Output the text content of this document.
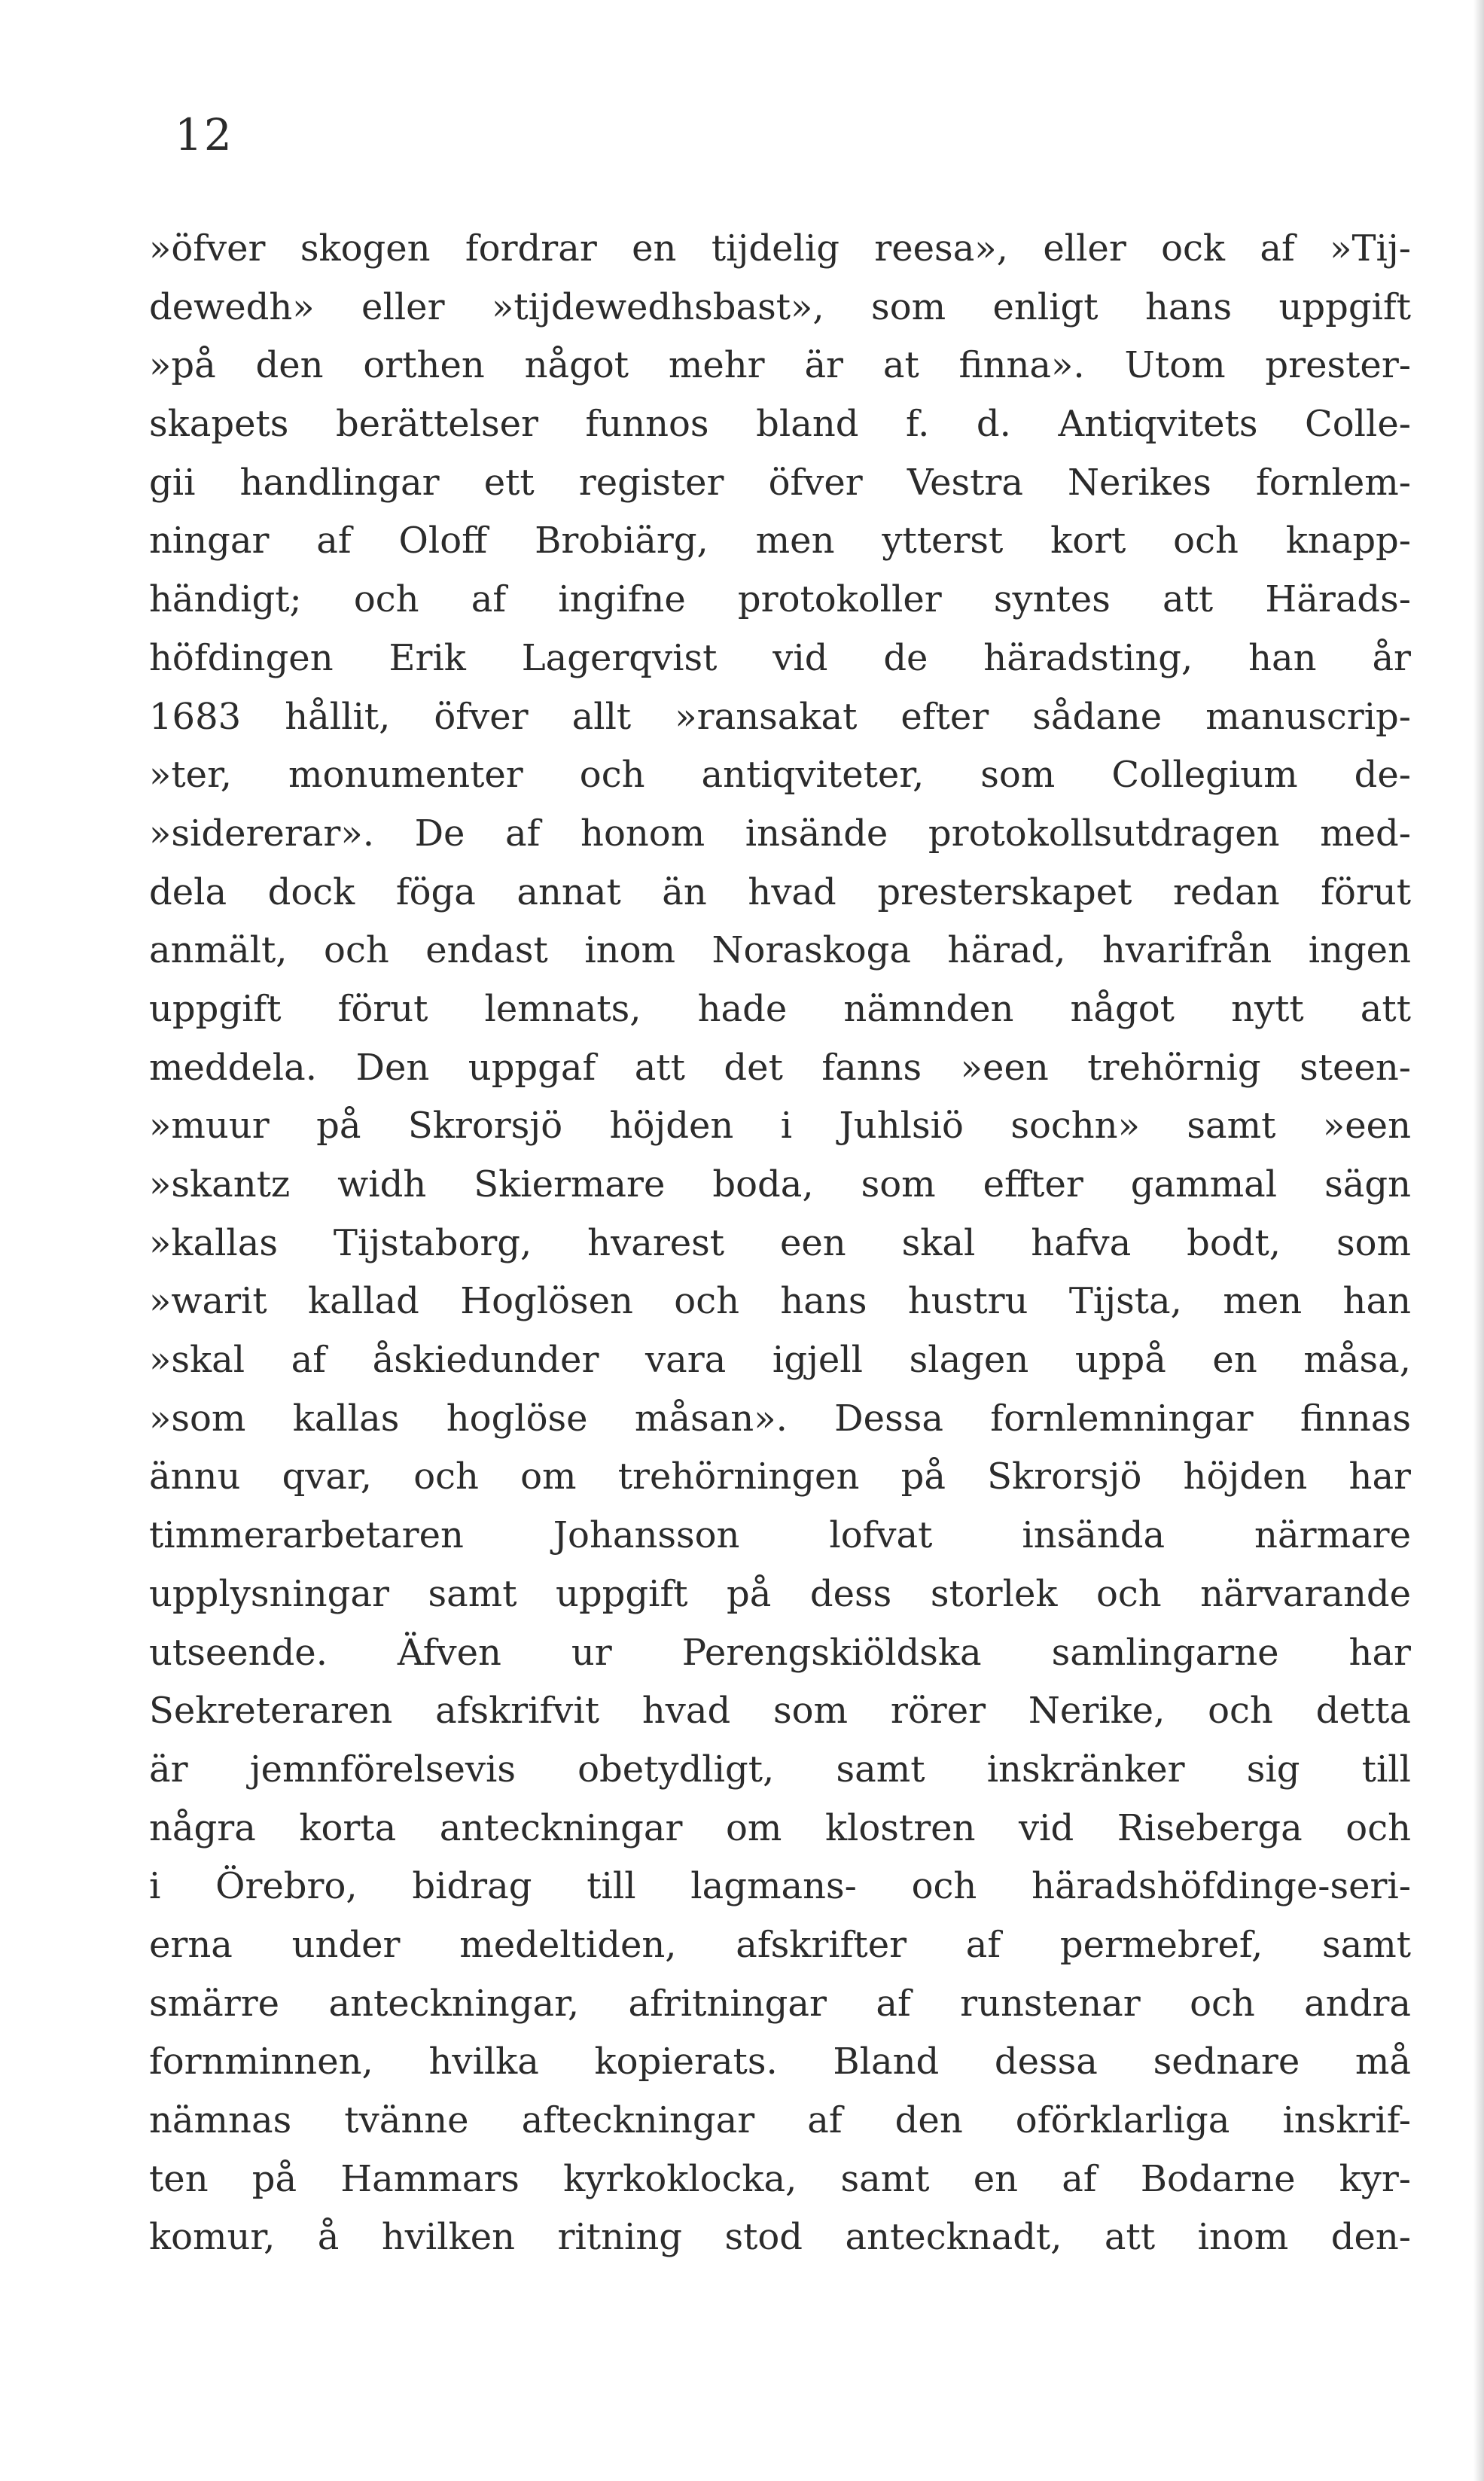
12
»öfver skogen fordrar en tijdelig reesa», eller ock af »Tij-
dewedh» eller »tijdewedhsbast», som enligt hans uppgift
»på den orthen något mehr är at finna». Utom prester-
skapets berättelser funnos bland f. d. Antiqvitets Colle-
gii handlingar ett register öfver Vestra Nerikes fornlem-
ningar af Oloff Brobiärg, men ytterst kort och knapp-
händigt; och af ingifne protokoller syntes att Härads-
höfdingen Erik Lagerqvist vid de häradsting, han år
1683 hållit, öfver allt »ransakat efter sådane manuscrip-
»ter, monumenter och antiqviteter, som Collegium de-
»sidererar». De af honom insände protokollsutdragen med-
dela dock föga annat än hvad presterskapet redan förut
anmält, och endast inom Noraskoga härad, hvarifrån ingen
uppgift förut lemnats, hade nämnden något nytt att
meddela. Den uppgaf att det fanns »een trehörnig steen-
»muur på Skrorsjö höjden i Juhlsiö sochn» samt »een
»skantz widh Skiermare boda, som effter gammal sägn
»kallas Tijstaborg, hvarest een skal hafva bodt, som
»warit kallad Hoglösen och hans hustru Tijsta, men han
»skal af åskiedunder vara igjell slagen uppå en måsa,
»som kallas hoglöse måsan». Dessa fornlemningar finnas
ännu qvar, och om trehörningen på Skrorsjö höjden har
timmerarbetaren Johansson lofvat insända närmare
upplysningar samt uppgift på dess storlek och närvarande
utseende. Äfven ur Perengskiöldska samlingarne har
Sekreteraren afskrifvit hvad som rörer Nerike, och detta
är jemnförelsevis obetydligt, samt inskränker sig till
några korta anteckningar om klostren vid Riseberga och
i Örebro, bidrag till lagmans- och häradshöfdinge-seri-
erna under medeltiden, afskrifter af permebref, samt
smärre anteckningar, afritningar af runstenar och andra
fornminnen, hvilka kopierats. Bland dessa sednare må
nämnas tvänne afteckningar af den oförklarliga inskrif-
ten på Hammars kyrkoklocka, samt en af Bodarne kyr-
komur, å hvilken ritning stod antecknadt, att inom den-
